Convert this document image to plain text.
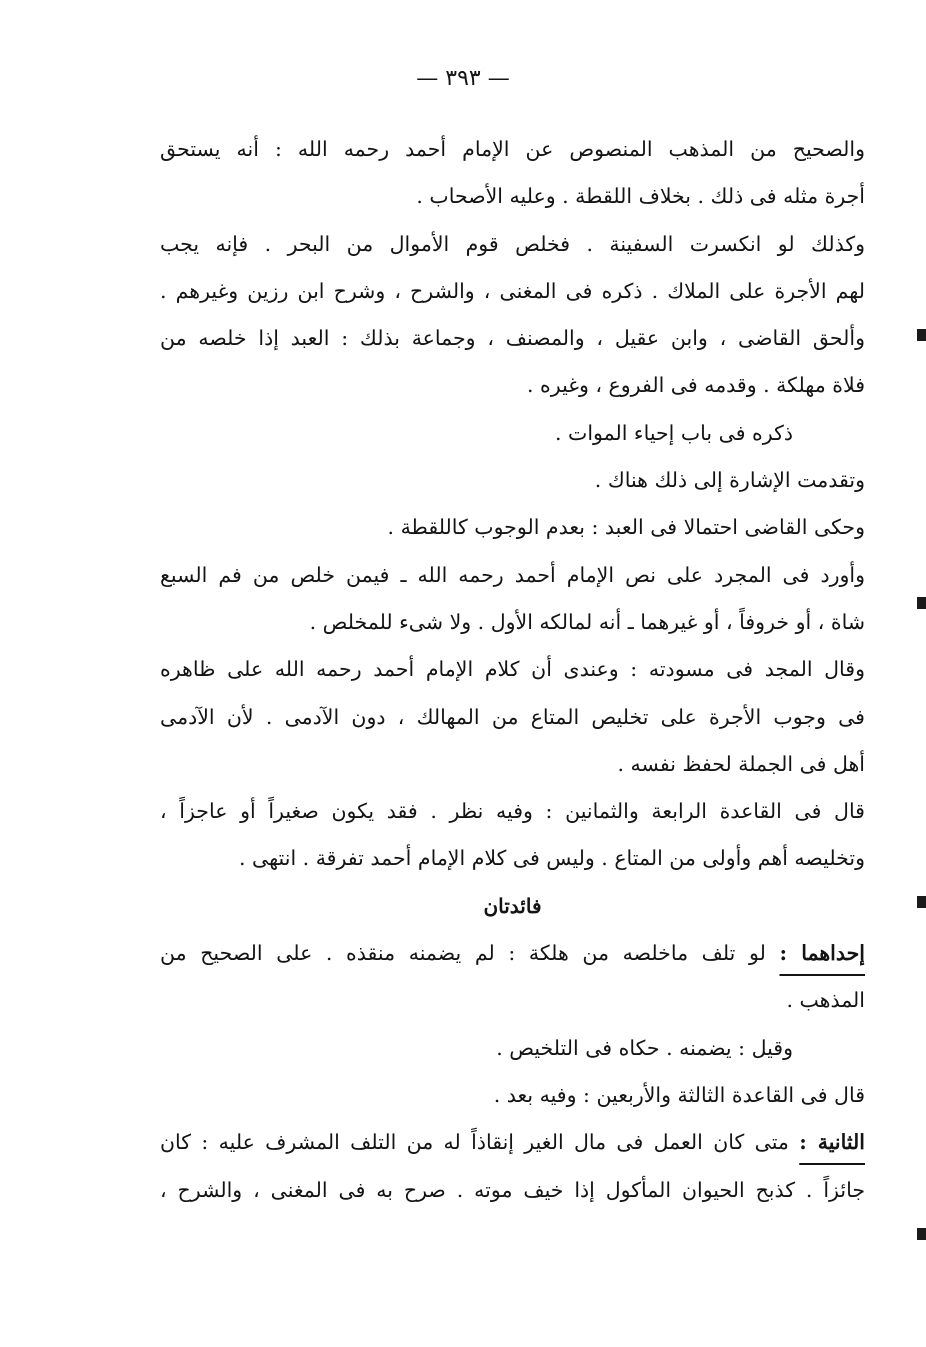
— ٣٩٣ —
والصحيح من المذهب المنصوص عن الإمام أحمد رحمه الله : أنه يستحق
أجرة مثله فى ذلك . بخلاف اللقطة . وعليه الأصحاب .
وكذلك لو انكسرت السفينة . فخلص قوم الأموال من البحر . فإنه يجب
لهم الأجرة على الملاك . ذكره فى المغنى ، والشرح ، وشرح ابن رزين وغيرهم .
وألحق القاضى ، وابن عقيل ، والمصنف ، وجماعة بذلك : العبد إذا خلصه من
فلاة مهلكة . وقدمه فى الفروع ، وغيره .
ذكره فى باب إحياء الموات .
وتقدمت الإشارة إلى ذلك هناك .
وحكى القاضى احتمالا فى العبد : بعدم الوجوب كاللقطة .
وأورد فى المجرد على نص الإمام أحمد رحمه الله ـ فيمن خلص من فم السبع
شاة ، أو خروفاً ، أو غيرهما ـ أنه لمالكه الأول . ولا شىء للمخلص .
وقال المجد فى مسودته : وعندى أن كلام الإمام أحمد رحمه الله على ظاهره
فى وجوب الأجرة على تخليص المتاع من المهالك ، دون الآدمى . لأن الآدمى
أهل فى الجملة لحفظ نفسه .
قال فى القاعدة الرابعة والثمانين : وفيه نظر . فقد يكون صغيراً أو عاجزاً ،
وتخليصه أهم وأولى من المتاع . وليس فى كلام الإمام أحمد تفرقة . انتهى .
فائدتان
إحداهما : لو تلف ماخلصه من هلكة : لم يضمنه منقذه . على الصحيح من
المذهب .
وقيل : يضمنه . حكاه فى التلخيص .
قال فى القاعدة الثالثة والأربعين : وفيه بعد .
الثانية : متى كان العمل فى مال الغير إنقاذاً له من التلف المشرف عليه : كان
جائزاً . كذبح الحيوان المأكول إذا خيف موته . صرح به فى المغنى ، والشرح ،
